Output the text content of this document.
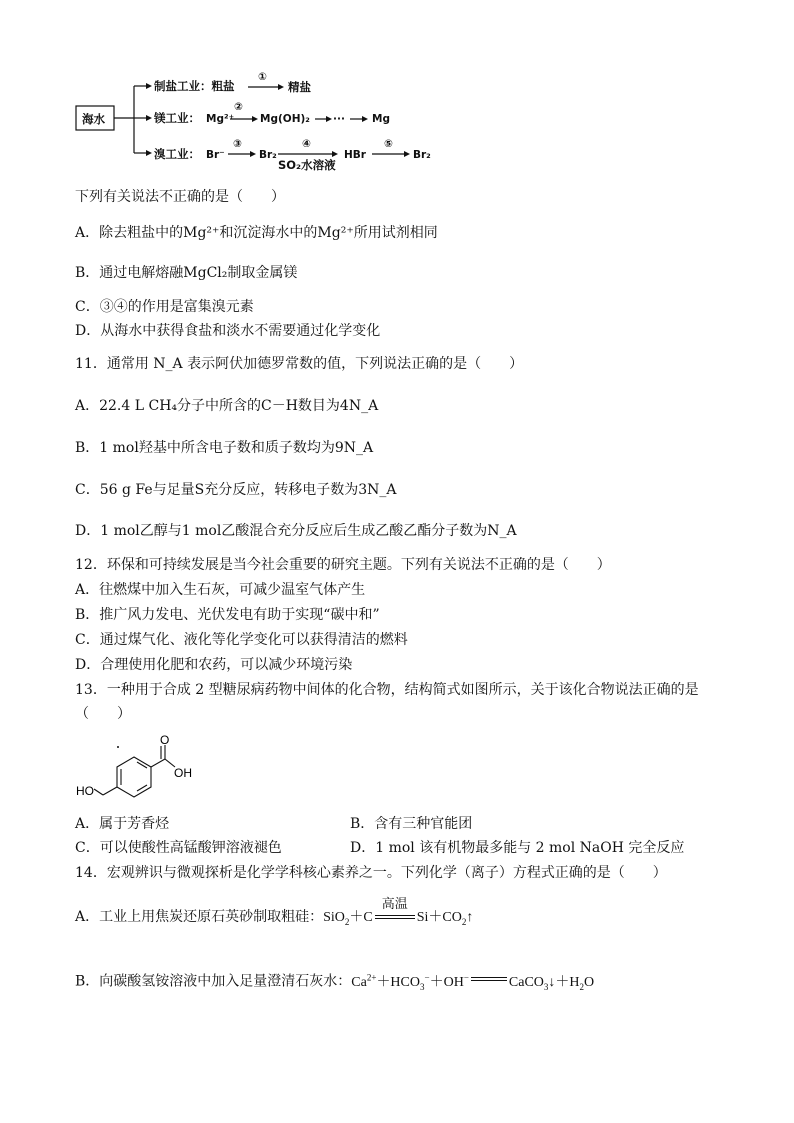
海水
制盐工业：粗盐
①
精盐
镁工业： Mg²⁺
②
Mg(OH)₂ ···	Mg
溴工业： Br⁻
③
Br₂
④
SO₂水溶液
HBr
⑤
Br₂
下列有关说法不正确的是（　　）
A．除去粗盐中的Mg²⁺和沉淀海水中的Mg²⁺所用试剂相同
B．通过电解熔融MgCl₂制取金属镁
C．③④的作用是富集溴元素
D．从海水中获得食盐和淡水不需要通过化学变化
11．通常用 N_A 表示阿伏加德罗常数的值，下列说法正确的是（　　）
A．22.4 L CH₄分子中所含的C－H数目为4N_A
B．1 mol羟基中所含电子数和质子数均为9N_A
C．56 g Fe与足量S充分反应，转移电子数为3N_A
D．1 mol乙醇与1 mol乙酸混合充分反应后生成乙酸乙酯分子数为N_A
12．环保和可持续发展是当今社会重要的研究主题。下列有关说法不正确的是（　　）
A．往燃煤中加入生石灰，可减少温室气体产生
B．推广风力发电、光伏发电有助于实现“碳中和”
C．通过煤气化、液化等化学变化可以获得清洁的燃料
D．合理使用化肥和农药，可以减少环境污染
13．一种用于合成 2 型糖尿病药物中间体的化合物，结构简式如图所示，关于该化合物说法正确的是
（　　）
O
OH
HO
A．属于芳香烃	B．含有三种官能团
C．可以使酸性高锰酸钾溶液褪色	D．1 mol 该有机物最多能与 2 mol NaOH 完全反应
14．宏观辨识与微观探析是化学学科核心素养之一。下列化学（离子）方程式正确的是（　　）
A．工业上用焦炭还原石英砂制取粗硅：SiO$_2$＋C
高温
$Si+CO_2↑$
B．向碳酸氢铵溶液中加入足量澄清石灰水：$Ca^{2+}+HCO_3^-+OH^-$	$CaCO_3↓+H_2O$
